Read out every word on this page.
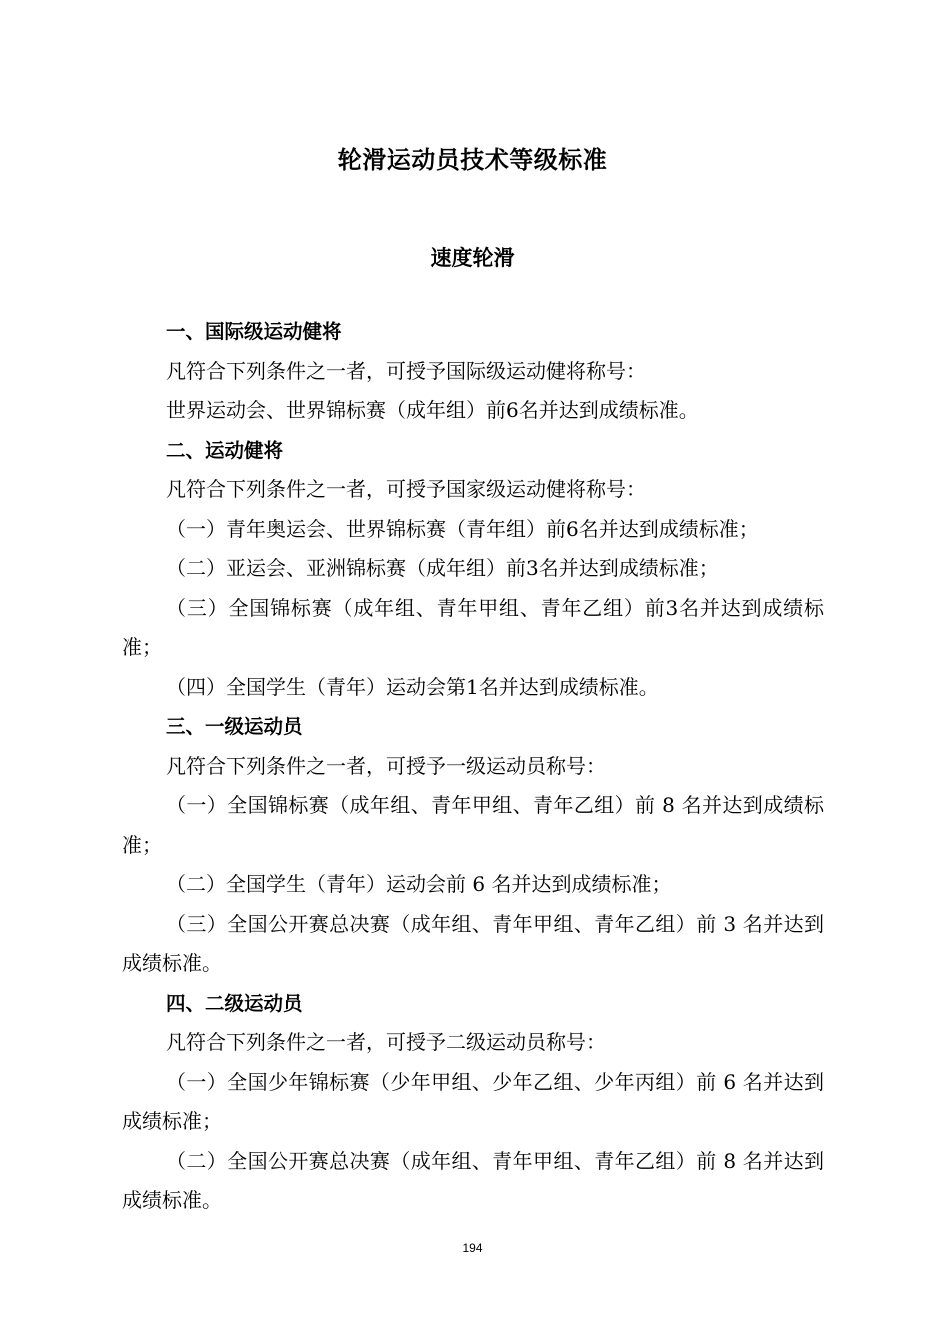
轮滑运动员技术等级标准
速度轮滑

一、国际级运动健将

凡符合下列条件之一者，可授予国际级运动健将称号：

世界运动会、世界锦标赛（成年组）前6名并达到成绩标准。

二、运动健将

凡符合下列条件之一者，可授予国家级运动健将称号：

（一）青年奥运会、世界锦标赛（青年组）前6名并达到成绩标准；

（二）亚运会、亚洲锦标赛（成年组）前3名并达到成绩标准；

（三）全国锦标赛（成年组、青年甲组、青年乙组）前3名并达到成绩标准；

（四）全国学生（青年）运动会第1名并达到成绩标准。

三、一级运动员

凡符合下列条件之一者，可授予一级运动员称号：

（一）全国锦标赛（成年组、青年甲组、青年乙组）前 8 名并达到成绩标准；

（二）全国学生（青年）运动会前 6 名并达到成绩标准；

（三）全国公开赛总决赛（成年组、青年甲组、青年乙组）前 3 名并达到成绩标准。

四、二级运动员

凡符合下列条件之一者，可授予二级运动员称号：

（一）全国少年锦标赛（少年甲组、少年乙组、少年丙组）前 6 名并达到成绩标准；

（二）全国公开赛总决赛（成年组、青年甲组、青年乙组）前 8 名并达到成绩标准。

194
